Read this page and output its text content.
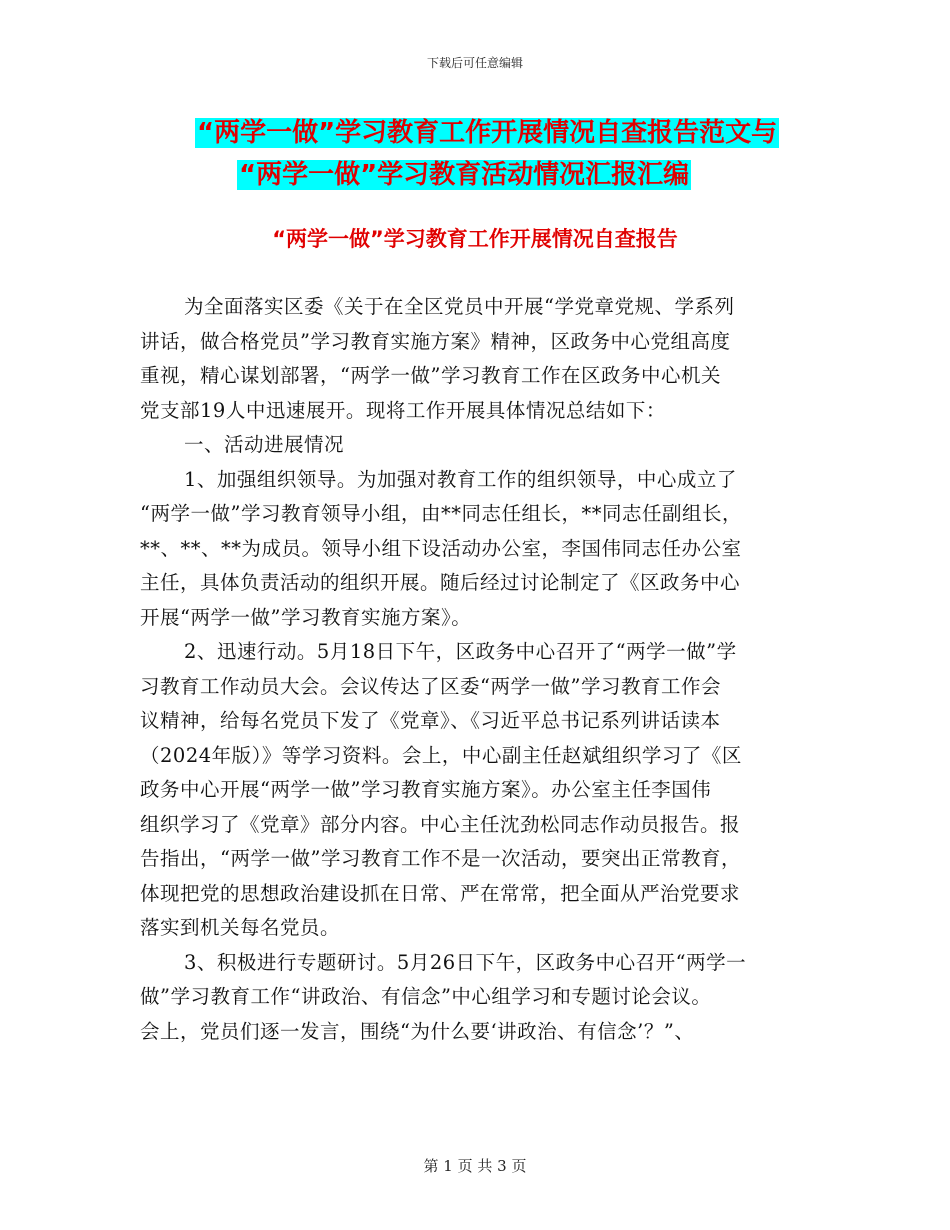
下载后可任意编辑
“两学一做”学习教育工作开展情况自查报告范文与
“两学一做”学习教育活动情况汇报汇编
“两学一做”学习教育工作开展情况自查报告
为全面落实区委《关于在全区党员中开展“学党章党规、学系列
讲话，做合格党员”学习教育实施方案》精神，区政务中心党组高度
重视，精心谋划部署，“两学一做”学习教育工作在区政务中心机关
党支部19人中迅速展开。现将工作开展具体情况总结如下：
一、活动进展情况
1、加强组织领导。为加强对教育工作的组织领导，中心成立了
“两学一做”学习教育领导小组，由**同志任组长，**同志任副组长，
**、**、**为成员。领导小组下设活动办公室，李国伟同志任办公室
主任，具体负责活动的组织开展。随后经过讨论制定了《区政务中心
开展“两学一做”学习教育实施方案》。
2、迅速行动。5月18日下午，区政务中心召开了“两学一做”学
习教育工作动员大会。会议传达了区委“两学一做”学习教育工作会
议精神，给每名党员下发了《党章》、《习近平总书记系列讲话读本
（2024年版）》等学习资料。会上，中心副主任赵斌组织学习了《区
政务中心开展“两学一做”学习教育实施方案》。办公室主任李国伟
组织学习了《党章》部分内容。中心主任沈劲松同志作动员报告。报
告指出，“两学一做”学习教育工作不是一次活动，要突出正常教育，
体现把党的思想政治建设抓在日常、严在常常，把全面从严治党要求
落实到机关每名党员。
3、积极进行专题研讨。5月26日下午，区政务中心召开“两学一
做”学习教育工作“讲政治、有信念”中心组学习和专题讨论会议。
会上，党员们逐一发言，围绕“为什么要‘讲政治、有信念’？”、
第 1 页 共 3 页
